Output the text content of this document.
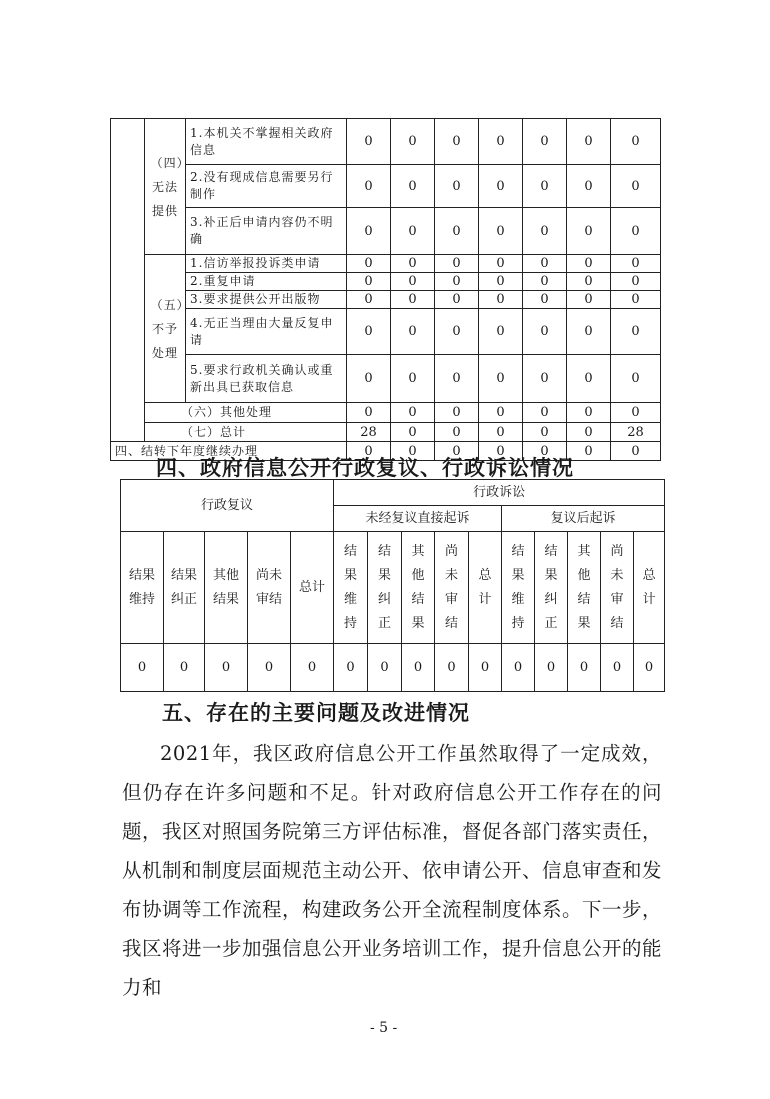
	（四）无法提供	1.本机关不掌握相关政府信息	0	0	0	0	0	0	0
		2.没有现成信息需要另行制作	0	0	0	0	0	0	0
		3.补正后申请内容仍不明确	0	0	0	0	0	0	0
	（五）不予处理	1.信访举报投诉类申请	0	0	0	0	0	0	0
		2.重复申请	0	0	0	0	0	0	0
		3.要求提供公开出版物	0	0	0	0	0	0	0
		4.无正当理由大量反复申请	0	0	0	0	0	0	0
		5.要求行政机关确认或重新出具已获取信息	0	0	0	0	0	0	0
	（六）其他处理		0	0	0	0	0	0	0
	（七）总计		28	0	0	0	0	0	28
四、结转下年度继续办理			0	0	0	0	0	0	0
四、政府信息公开行政复议、行政诉讼情况
行政复议					行政诉讼									
					未经复议直接起诉					复议后起诉				
结果维持	结果纠正	其他结果	尚未审结	总计	结果维持	结果纠正	其他结果	尚未审结	总计	结果维持	结果纠正	其他结果	尚未审结	总计
0	0	0	0	0	0	0	0	0	0	0	0	0	0	0
五、存在的主要问题及改进情况

2021年，我区政府信息公开工作虽然取得了一定成效，但仍存在许多问题和不足。针对政府信息公开工作存在的问题，我区对照国务院第三方评估标准，督促各部门落实责任，从机制和制度层面规范主动公开、依申请公开、信息审查和发布协调等工作流程，构建政务公开全流程制度体系。下一步，我区将进一步加强信息公开业务培训工作，提升信息公开的能力和

- 5 -
